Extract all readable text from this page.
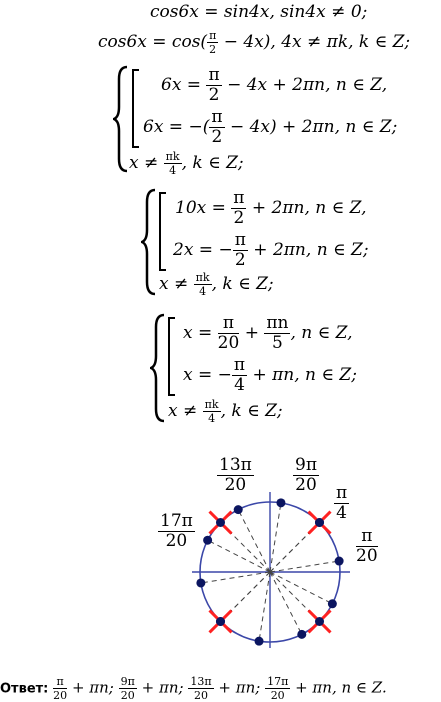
cos6x = sin4x, sin4x ≠ 0;
$\cos 6x = \cos( \frac{\pi}{2} - 4x)$, 4x ≠ πk, k ∈ Z;
$6x = \frac{\pi}{2} - 4x + 2\pi n$, n ∈ Z,
6x = −( $\frac{\pi}{2} - 4x) + 2\pi n$, n ∈ Z;
$x \ne \frac{\pi k}{4}$ , k ∈ Z;
$10x = \frac{\pi}{2} + 2\pi n$, n ∈ Z,
2x = − $\frac{\pi}{2} + 2\pi n$, n ∈ Z;
$x \ne \frac{\pi k}{4}$ , k ∈ Z;
$x = \frac{\pi}{20} + \frac{\pi n}{5}$ , n ∈ Z,
x = − $\frac{\pi}{4} + \pi n$, n ∈ Z;
$x \ne \frac{\pi k}{4}$ , k ∈ Z;
$\frac{13\pi}{20} \frac{9\pi}{20}$
$\frac{17\pi}{20}$
$\frac{\pi}{4}$
$\frac{\pi}{20}$
Ответ: $\frac{\pi}{20} + \pi n$; $\frac{9\pi}{20} + \pi n$; $\frac{13\pi}{20} + \pi n$; $\frac{17\pi}{20} + \pi n$, n ∈ Z.
